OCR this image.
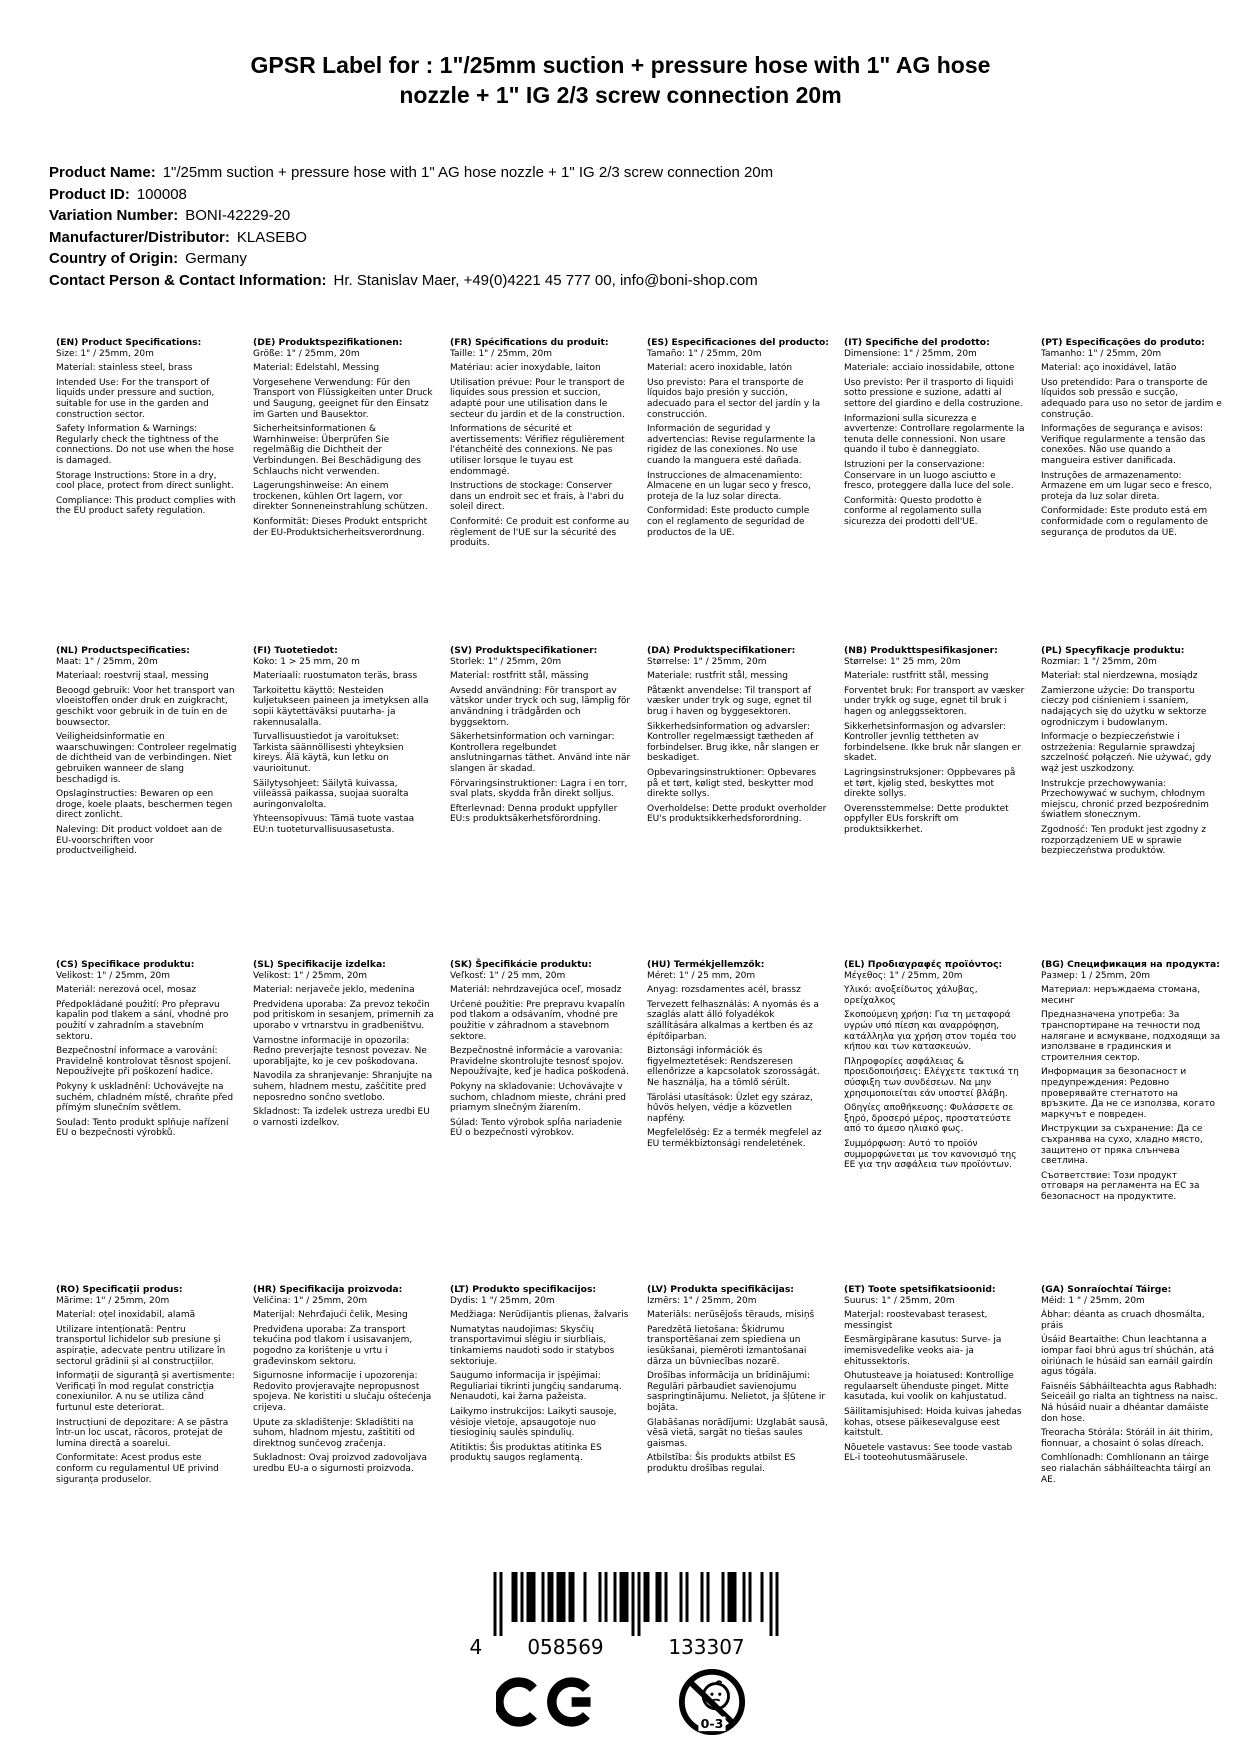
GPSR Label for : 1"/25mm suction + pressure hose with 1" AG hose
nozzle + 1" IG 2/3 screw connection 20m
Product Name: 1"/25mm suction + pressure hose with 1" AG hose nozzle + 1" IG 2/3 screw connection 20m
Product ID: 100008
Variation Number: BONI-42229-20
Manufacturer/Distributor: KLASEBO
Country of Origin: Germany
Contact Person & Contact Information: Hr. Stanislav Maer, +49(0)4221 45 777 00, info@boni-shop.com
(EN) Product Specifications:

Size: 1" / 25mm, 20m

Material: stainless steel, brass

Intended Use: For the transport of liquids under pressure and suction, suitable for use in the garden and construction sector.

Safety Information & Warnings: Regularly check the tightness of the connections. Do not use when the hose is damaged.

Storage Instructions: Store in a dry, cool place, protect from direct sunlight.

Compliance: This product complies with the EU product safety regulation.

(DE) Produktspezifikationen:

Größe: 1" / 25mm, 20m

Material: Edelstahl, Messing

Vorgesehene Verwendung: Für den Transport von Flüssigkeiten unter Druck und Saugung, geeignet für den Einsatz im Garten und Bausektor.

Sicherheitsinformationen & Warnhinweise: Überprüfen Sie regelmäßig die Dichtheit der Verbindungen. Bei Beschädigung des Schlauchs nicht verwenden.

Lagerungshinweise: An einem trockenen, kühlen Ort lagern, vor direkter Sonneneinstrahlung schützen.

Konformität: Dieses Produkt entspricht der EU-Produktsicherheitsverordnung.

(FR) Spécifications du produit:

Taille: 1" / 25mm, 20m

Matériau: acier inoxydable, laiton

Utilisation prévue: Pour le transport de liquides sous pression et succion, adapté pour une utilisation dans le secteur du jardin et de la construction.

Informations de sécurité et avertissements: Vérifiez régulièrement l'étanchéité des connexions. Ne pas utiliser lorsque le tuyau est endommagé.

Instructions de stockage: Conserver dans un endroit sec et frais, à l'abri du soleil direct.

Conformité: Ce produit est conforme au règlement de l'UE sur la sécurité des produits.

(ES) Especificaciones del producto:

Tamaño: 1" / 25mm, 20m

Material: acero inoxidable, latón

Uso previsto: Para el transporte de líquidos bajo presión y succión, adecuado para el sector del jardín y la construcción.

Información de seguridad y advertencias: Revise regularmente la rigidez de las conexiones. No use cuando la manguera esté dañada.

Instrucciones de almacenamiento: Almacene en un lugar seco y fresco, proteja de la luz solar directa.

Conformidad: Este producto cumple con el reglamento de seguridad de productos de la UE.

(IT) Specifiche del prodotto:

Dimensione: 1" / 25mm, 20m

Materiale: acciaio inossidabile, ottone

Uso previsto: Per il trasporto di liquidi sotto pressione e suzione, adatti al settore del giardino e della costruzione.

Informazioni sulla sicurezza e avvertenze: Controllare regolarmente la tenuta delle connessioni. Non usare quando il tubo è danneggiato.

Istruzioni per la conservazione: Conservare in un luogo asciutto e fresco, proteggere dalla luce del sole.

Conformità: Questo prodotto è conforme al regolamento sulla sicurezza dei prodotti dell'UE.

(PT) Especificações do produto:

Tamanho: 1" / 25mm, 20m

Material: aço inoxidável, latão

Uso pretendido: Para o transporte de líquidos sob pressão e sucção, adequado para uso no setor de jardim e construção.

Informações de segurança e avisos: Verifique regularmente a tensão das conexões. Não use quando a mangueira estiver danificada.

Instruções de armazenamento: Armazene em um lugar seco e fresco, proteja da luz solar direta.

Conformidade: Este produto está em conformidade com o regulamento de segurança de produtos da UE.

(NL) Productspecificaties:

Maat: 1" / 25mm, 20m

Materiaal: roestvrij staal, messing

Beoogd gebruik: Voor het transport van vloeistoffen onder druk en zuigkracht, geschikt voor gebruik in de tuin en de bouwsector.

Veiligheidsinformatie en waarschuwingen: Controleer regelmatig de dichtheid van de verbindingen. Niet gebruiken wanneer de slang beschadigd is.

Opslaginstructies: Bewaren op een droge, koele plaats, beschermen tegen direct zonlicht.

Naleving: Dit product voldoet aan de EU-voorschriften voor productveiligheid.

(FI) Tuotetiedot:

Koko: 1 > 25 mm, 20 m

Materiaali: ruostumaton teräs, brass

Tarkoitettu käyttö: Nesteiden kuljetukseen paineen ja imetyksen alla sopii käytettäväksi puutarha- ja rakennusalalla.

Turvallisuustiedot ja varoitukset: Tarkista säännöllisesti yhteyksien kireys. Älä käytä, kun letku on vaurioitunut.

Säilytysohjeet: Säilytä kuivassa, viileässä paikassa, suojaa suoralta auringonvalolta.

Yhteensopivuus: Tämä tuote vastaa EU:n tuoteturvallisuusasetusta.

(SV) Produktspecifikationer:

Storlek: 1" / 25mm, 20m

Material: rostfritt stål, mässing

Avsedd användning: För transport av vätskor under tryck och sug, lämplig för användning i trädgården och byggsektorn.

Säkerhetsinformation och varningar: Kontrollera regelbundet anslutningarnas täthet. Använd inte när slangen är skadad.

Förvaringsinstruktioner: Lagra i en torr, sval plats, skydda från direkt solljus.

Efterlevnad: Denna produkt uppfyller EU:s produktsäkerhetsförordning.

(DA) Produktspecifikationer:

Størrelse: 1" / 25mm, 20m

Materiale: rustfrit stål, messing

Påtænkt anvendelse: Til transport af væsker under tryk og suge, egnet til brug i haven og byggesektoren.

Sikkerhedsinformation og advarsler: Kontroller regelmæssigt tætheden af forbindelser. Brug ikke, når slangen er beskadiget.

Opbevaringsinstruktioner: Opbevares på et tørt, køligt sted, beskytter mod direkte sollys.

Overholdelse: Dette produkt overholder EU's produktsikkerhedsforordning.

(NB) Produkttspesifikasjoner:

Størrelse: 1" 25 mm, 20m

Materiale: rustfritt stål, messing

Forventet bruk: For transport av væsker under trykk og suge, egnet til bruk i hagen og anleggssektoren.

Sikkerhetsinformasjon og advarsler: Kontroller jevnlig tettheten av forbindelsene. Ikke bruk når slangen er skadet.

Lagringsinstruksjoner: Oppbevares på et tørt, kjølig sted, beskyttes mot direkte sollys.

Overensstemmelse: Dette produktet oppfyller EUs forskrift om produktsikkerhet.

(PL) Specyfikacje produktu:

Rozmiar: 1 "/ 25mm, 20m

Materiał: stal nierdzewna, mosiądz

Zamierzone użycie: Do transportu cieczy pod ciśnieniem i ssaniem, nadających się do użytku w sektorze ogrodniczym i budowlanym.

Informacje o bezpieczeństwie i ostrzeżenia: Regularnie sprawdzaj szczelność połączeń. Nie używać, gdy wąż jest uszkodzony.

Instrukcje przechowywania: Przechowywać w suchym, chłodnym miejscu, chronić przed bezpośrednim światłem słonecznym.

Zgodność: Ten produkt jest zgodny z rozporządzeniem UE w sprawie bezpieczeństwa produktów.

(CS) Specifikace produktu:

Velikost: 1" / 25mm, 20m

Materiál: nerezová ocel, mosaz

Předpokládané použití: Pro přepravu kapalin pod tlakem a sání, vhodné pro použití v zahradním a stavebním sektoru.

Bezpečnostní informace a varování: Pravidelně kontrolovat těsnost spojení. Nepoužívejte při poškození hadice.

Pokyny k uskladnění: Uchovávejte na suchém, chladném místě, chraňte před přímým slunečním světlem.

Soulad: Tento produkt splňuje nařízení EU o bezpečnosti výrobků.

(SL) Specifikacije izdelka:

Velikost: 1" / 25mm, 20m

Material: nerjaveče jeklo, medenina

Predvidena uporaba: Za prevoz tekočin pod pritiskom in sesanjem, primernih za uporabo v vrtnarstvu in gradbeništvu.

Varnostne informacije in opozorila: Redno preverjajte tesnost povezav. Ne uporabljajte, ko je cev poškodovana.

Navodila za shranjevanje: Shranjujte na suhem, hladnem mestu, zaščitite pred neposredno sončno svetlobo.

Skladnost: Ta izdelek ustreza uredbi EU o varnosti izdelkov.

(SK) Špecifikácie produktu:

Veľkosť: 1" / 25 mm, 20m

Materiál: nehrdzavejúca oceľ, mosadz

Určené použitie: Pre prepravu kvapalín pod tlakom a odsávaním, vhodné pre použitie v záhradnom a stavebnom sektore.

Bezpečnostné informácie a varovania: Pravidelne skontrolujte tesnosť spojov. Nepoužívajte, keď je hadica poškodená.

Pokyny na skladovanie: Uchovávajte v suchom, chladnom mieste, chráni pred priamym slnečným žiarením.

Súlad: Tento výrobok spĺňa nariadenie EÚ o bezpečnosti výrobkov.

(HU) Termékjellemzők:

Méret: 1" / 25 mm, 20m

Anyag: rozsdamentes acél, brassz

Tervezett felhasználás: A nyomás és a szaglás alatt álló folyadékok szállítására alkalmas a kertben és az építőiparban.

Biztonsági információk és figyelmeztetések: Rendszeresen ellenőrizze a kapcsolatok szorosságát. Ne használja, ha a tömlő sérült.

Tárolási utasítások: Üzlet egy száraz, hűvös helyen, védje a közvetlen napfény.

Megfelelőség: Ez a termék megfelel az EU termékbiztonsági rendeletének.

(EL) Προδιαγραφές προϊόντος:

Μέγεθος: 1" / 25mm, 20m

Υλικό: ανοξείδωτος χάλυβας, ορείχαλκος

Σκοπούμενη χρήση: Για τη μεταφορά υγρών υπό πίεση και αναρρόφηση, κατάλληλα για χρήση στον τομέα του κήπου και των κατασκευών.

Πληροφορίες ασφάλειας & προειδοποιήσεις: Ελέγχετε τακτικά τη σύσφιξη των συνδέσεων. Να μην χρησιμοποιείται εάν υποστεί βλάβη.

Οδηγίες αποθήκευσης: Φυλάσσετε σε ξηρό, δροσερό μέρος, προστατεύστε από το άμεσο ηλιακό φως.

Συμμόρφωση: Αυτό το προϊόν συμμορφώνεται με τον κανονισμό της ΕΕ για την ασφάλεια των προϊόντων.

(BG) Спецификация на продукта:

Размер: 1 / 25mm, 20m

Материал: неръждаема стомана, месинг

Предназначена употреба: За транспортиране на течности под налягане и всмукване, подходящи за използване в градинския и строителния сектор.

Информация за безопасност и предупреждения: Редовно проверявайте стегнатото на връзките. Да не се използва, когато маркучът е повреден.

Инструкции за съхранение: Да се съхранява на сухо, хладно място, защитено от пряка слънчева светлина.

Съответствие: Този продукт отговаря на регламента на ЕС за безопасност на продуктите.

(RO) Specificații produs:

Mărime: 1" / 25mm, 20m

Material: oțel inoxidabil, alamă

Utilizare intenționată: Pentru transportul lichidelor sub presiune și aspirație, adecvate pentru utilizare în sectorul grădinii și al construcțiilor.

Informații de siguranță și avertismente: Verificați în mod regulat constricția conexiunilor. A nu se utiliza când furtunul este deteriorat.

Instrucțiuni de depozitare: A se păstra într-un loc uscat, răcoros, protejat de lumina directă a soarelui.

Conformitate: Acest produs este conform cu regulamentul UE privind siguranța produselor.

(HR) Specifikacija proizvoda:

Veličina: 1" / 25mm, 20m

Materijal: Nehrđajući čelik, Mesing

Predviđena uporaba: Za transport tekućina pod tlakom i usisavanjem, pogodno za korištenje u vrtu i građevinskom sektoru.

Sigurnosne informacije i upozorenja: Redovito provjeravajte nepropusnost spojeva. Ne koristiti u slučaju oštećenja crijeva.

Upute za skladištenje: Skladištiti na suhom, hladnom mjestu, zaštititi od direktnog sunčevog zračenja.

Sukladnost: Ovaj proizvod zadovoljava uredbu EU-a o sigurnosti proizvoda.

(LT) Produkto specifikacijos:

Dydis: 1 "/ 25mm, 20m

Medžiaga: Nerūdijantis plienas, žalvaris

Numatytas naudojimas: Skysčių transportavimui slėgiu ir siurbliais, tinkamiems naudoti sodo ir statybos sektoriuje.

Saugumo informacija ir įspėjimai: Reguliariai tikrinti jungčių sandarumą. Nenaudoti, kai žarna pažeista.

Laikymo instrukcijos: Laikyti sausoje, vėsioje vietoje, apsaugotoje nuo tiesioginių saulės spindulių.

Atitiktis: Šis produktas atitinka ES produktų saugos reglamentą.

(LV) Produkta specifikācijas:

Izmērs: 1" / 25mm, 20m

Materiāls: nerūsējošs tērauds, misiņš

Paredzētā lietošana: Šķidrumu transportēšanai zem spiediena un iesūkšanai, piemēroti izmantošanai dārza un būvniecības nozarē.

Drošības informācija un brīdinājumi: Regulāri pārbaudiet savienojumu saspringtinājumu. Nelietot, ja šļūtene ir bojāta.

Glabāšanas norādījumi: Uzglabāt sausā, vēsā vietā, sargāt no tiešas saules gaismas.

Atbilstība: Šis produkts atbilst ES produktu drošības regulai.

(ET) Toote spetsifikatsioonid:

Suurus: 1" / 25mm, 20m

Materjal: roostevabast terasest, messingist

Eesmärgipärane kasutus: Surve- ja imemisvedelike veoks aia- ja ehitussektoris.

Ohutusteave ja hoiatused: Kontrollige regulaarselt ühenduste pinget. Mitte kasutada, kui voolik on kahjustatud.

Säilitamisjuhised: Hoida kuivas jahedas kohas, otsese päikesevalguse eest kaitstult.

Nõuetele vastavus: See toode vastab EL-i tooteohutusmäärusele.

(GA) Sonraíochtaí Táirge:

Méid: 1 " / 25mm, 20m

Ábhar: déanta as cruach dhosmálta, práis

Úsáid Beartaithe: Chun leachtanna a iompar faoi bhrú agus trí shúchán, atá oiriúnach le húsáid san earnáil gairdín agus tógála.

Faisnéis Sábháilteachta agus Rabhadh: Seiceáil go rialta an tightness na naisc. Ná húsáid nuair a dhéantar damáiste don hose.

Treoracha Stórála: Stóráil in áit thirim, fionnuar, a chosaint ó solas díreach.

Comhlíonadh: Comhlíonann an táirge seo rialachán sábháilteachta táirgí an AE.

4 058569	133307
0-3
